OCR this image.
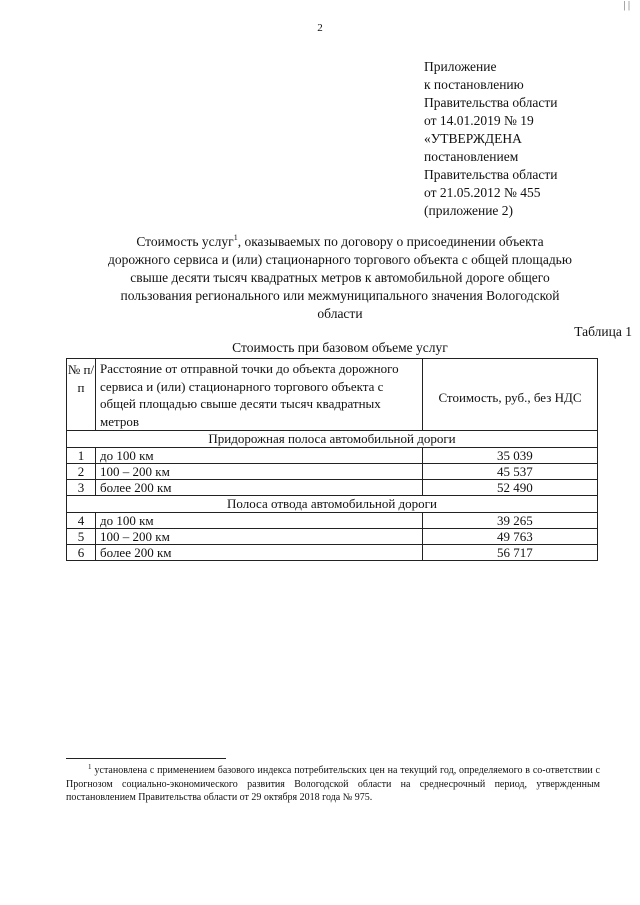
| |
2
Приложение
к постановлению
Правительства области
от 14.01.2019 № 19
«УТВЕРЖДЕНА
постановлением
Правительства области
от 21.05.2012 № 455
(приложение 2)
Стоимость услуг$^1$, оказываемых по договору о присоединении объекта
дорожного сервиса и (или) стационарного торгового объекта с общей площадью
свыше десяти тысяч квадратных метров к автомобильной дороге общего
пользования регионального или межмуниципального значения Вологодской
области
Таблица 1
Стоимость при базовом объеме услуг
№ п/п	Расстояние от отправной точки до объекта дорожного сервиса и (или) стационарного торгового объекта с общей площадью свыше десяти тысяч квадратных метров	Стоимость, руб., без НДС
Придорожная полоса автомобильной дороги		
1	до 100 км	35 039
2	100 – 200 км	45 537
3	более 200 км	52 490
Полоса отвода автомобильной дороги		
4	до 100 км	39 265
5	100 – 200 км	49 763
6	более 200 км	56 717
$^1$ установлена с применением базового индекса потребительских цен на текущий год, определяемого в со-ответствии с Прогнозом социально-экономического развития Вологодской области на среднесрочный период, утвержденным постановлением Правительства области от 29 октября 2018 года № 975.
